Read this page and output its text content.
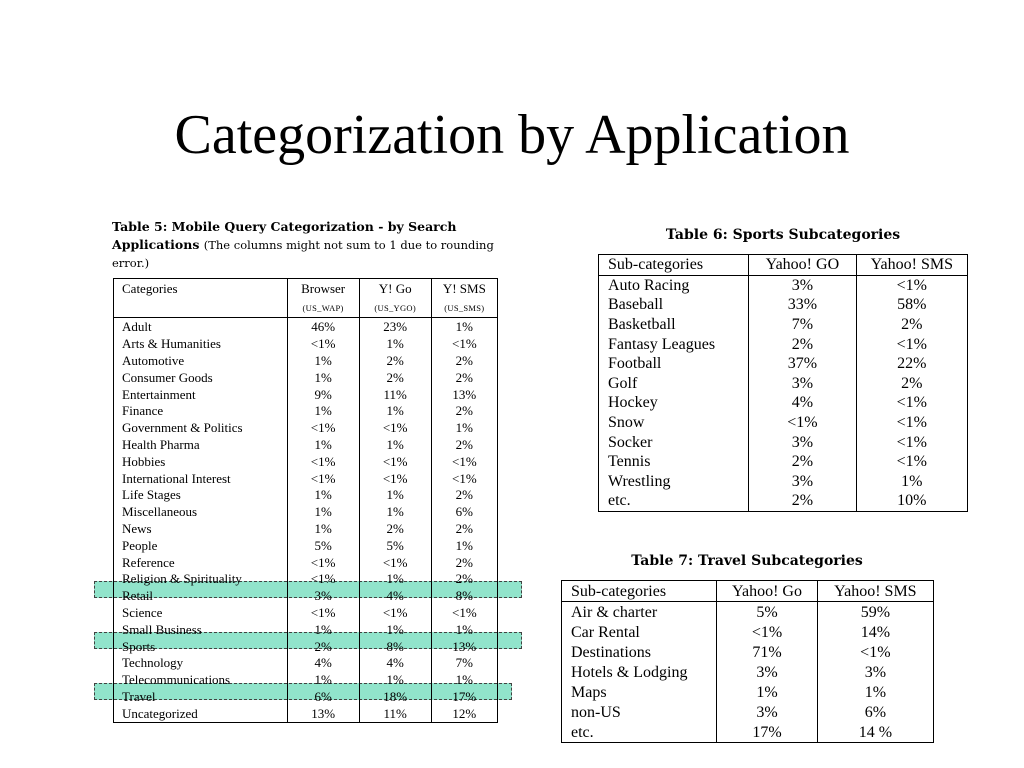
Categorization by Application
Table 5: Mobile Query Categorization - by Search Applications (The columns might not sum to 1 due to rounding error.)
Categories	Browser	Y! Go	Y! SMS
	(US_WAP)	(US_YGO)	(US_SMS)
Adult	46%	23%	1%
Arts & Humanities	<1%	1%	<1%
Automotive	1%	2%	2%
Consumer Goods	1%	2%	2%
Entertainment	9%	11%	13%
Finance	1%	1%	2%
Government & Politics	<1%	<1%	1%
Health Pharma	1%	1%	2%
Hobbies	<1%	<1%	<1%
International Interest	<1%	<1%	<1%
Life Stages	1%	1%	2%
Miscellaneous	1%	1%	6%
News	1%	2%	2%
People	5%	5%	1%
Reference	<1%	<1%	2%
Religion & Spirituality	<1%	1%	2%
Retail	3%	4%	8%
Science	<1%	<1%	<1%
Small Business	1%	1%	1%
Sports	2%	8%	13%
Technology	4%	4%	7%
Telecommunications	1%	1%	1%
Travel	6%	18%	17%
Uncategorized	13%	11%	12%
Table 6: Sports Subcategories
Sub-categories	Yahoo! GO	Yahoo! SMS
Auto Racing	3%	<1%
Baseball	33%	58%
Basketball	7%	2%
Fantasy Leagues	2%	<1%
Football	37%	22%
Golf	3%	2%
Hockey	4%	<1%
Snow	<1%	<1%
Socker	3%	<1%
Tennis	2%	<1%
Wrestling	3%	1%
etc.	2%	10%
Table 7: Travel Subcategories
Sub-categories	Yahoo! Go	Yahoo! SMS
Air & charter	5%	59%
Car Rental	<1%	14%
Destinations	71%	<1%
Hotels & Lodging	3%	3%
Maps	1%	1%
non-US	3%	6%
etc.	17%	14 %
